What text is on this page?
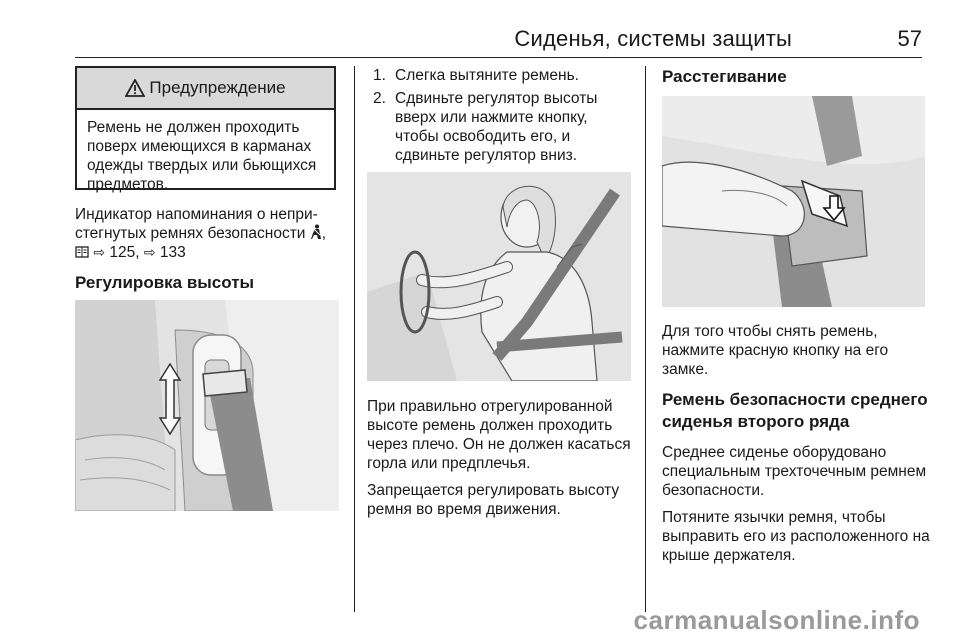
Сиденья, системы защиты	57
Предупреждение

Ремень не должен проходить поверх имеющихся в карманах одежды твердых или бьющихся предметов.

Индикатор напоминания о непри-
стегнутых ремнях безопасности ,
⇨ 125, ⇨ 133

Регулировка высоты
1. Слегка вытяните ремень.
2. Сдвиньте регулятор высоты вверх или нажмите кнопку, чтобы освободить его, и сдвиньте регулятор вниз.

При правильно отрегулированной высоте ремень должен проходить через плечо. Он не должен касаться горла или предплечья.

Запрещается регулировать высоту ремня во время движения.

Расстегивание

Для того чтобы снять ремень, нажмите красную кнопку на его замке.

Ремень безопасности среднего сиденья второго ряда

Среднее сиденье оборудовано специальным трехточечным ремнем безопасности.

Потяните язычки ремня, чтобы выправить его из расположенного на крыше держателя.

carmanualsonline.info
